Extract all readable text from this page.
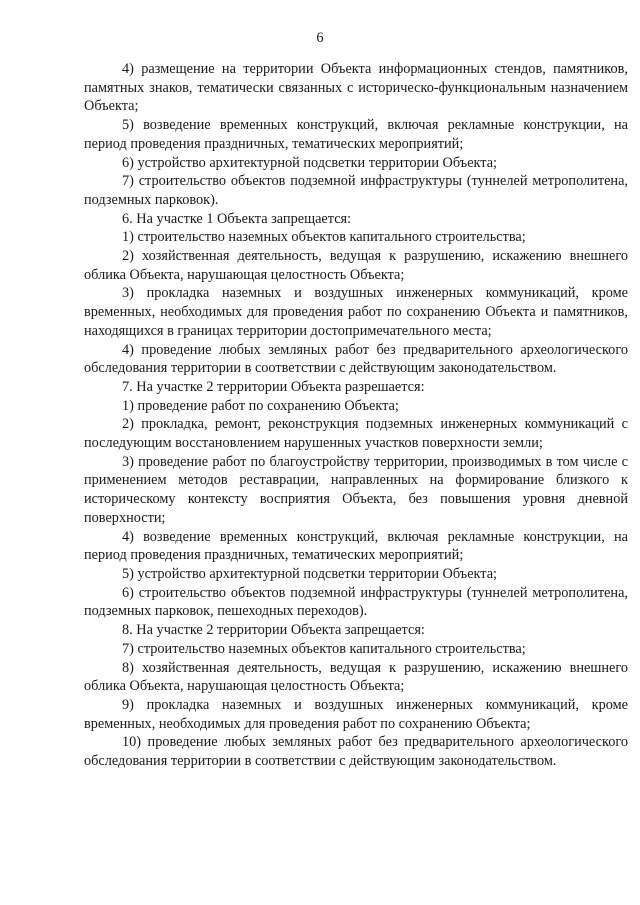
6

4) размещение на территории Объекта информационных стендов, памятников, памятных знаков, тематически связанных с историческо-функциональным назначением Объекта;

5) возведение временных конструкций, включая рекламные конструкции, на период проведения праздничных, тематических мероприятий;

6) устройство архитектурной подсветки территории Объекта;

7) строительство объектов подземной инфраструктуры (туннелей метрополитена, подземных парковок).

6. На участке 1 Объекта запрещается:

1) строительство наземных объектов капитального строительства;

2) хозяйственная деятельность, ведущая к разрушению, искажению внешнего облика Объекта, нарушающая целостность Объекта;

3) прокладка наземных и воздушных инженерных коммуникаций, кроме временных, необходимых для проведения работ по сохранению Объекта и памятников, находящихся в границах территории достопримечательного места;

4) проведение любых земляных работ без предварительного археологического обследования территории в соответствии с действующим законодательством.

7. На участке 2 территории Объекта разрешается:

1) проведение работ по сохранению Объекта;

2) прокладка, ремонт, реконструкция подземных инженерных коммуникаций с последующим восстановлением нарушенных участков поверхности земли;

3) проведение работ по благоустройству территории, производимых в том числе с применением методов реставрации, направленных на формирование близкого к историческому контексту восприятия Объекта, без повышения уровня дневной поверхности;

4) возведение временных конструкций, включая рекламные конструкции, на период проведения праздничных, тематических мероприятий;

5) устройство архитектурной подсветки территории Объекта;

6) строительство объектов подземной инфраструктуры (туннелей метрополитена, подземных парковок, пешеходных переходов).

8. На участке 2 территории Объекта запрещается:

7) строительство наземных объектов капитального строительства;

8) хозяйственная деятельность, ведущая к разрушению, искажению внешнего облика Объекта, нарушающая целостность Объекта;

9) прокладка наземных и воздушных инженерных коммуникаций, кроме временных, необходимых для проведения работ по сохранению Объекта;

10) проведение любых земляных работ без предварительного археологического обследования территории в соответствии с действующим законодательством.
